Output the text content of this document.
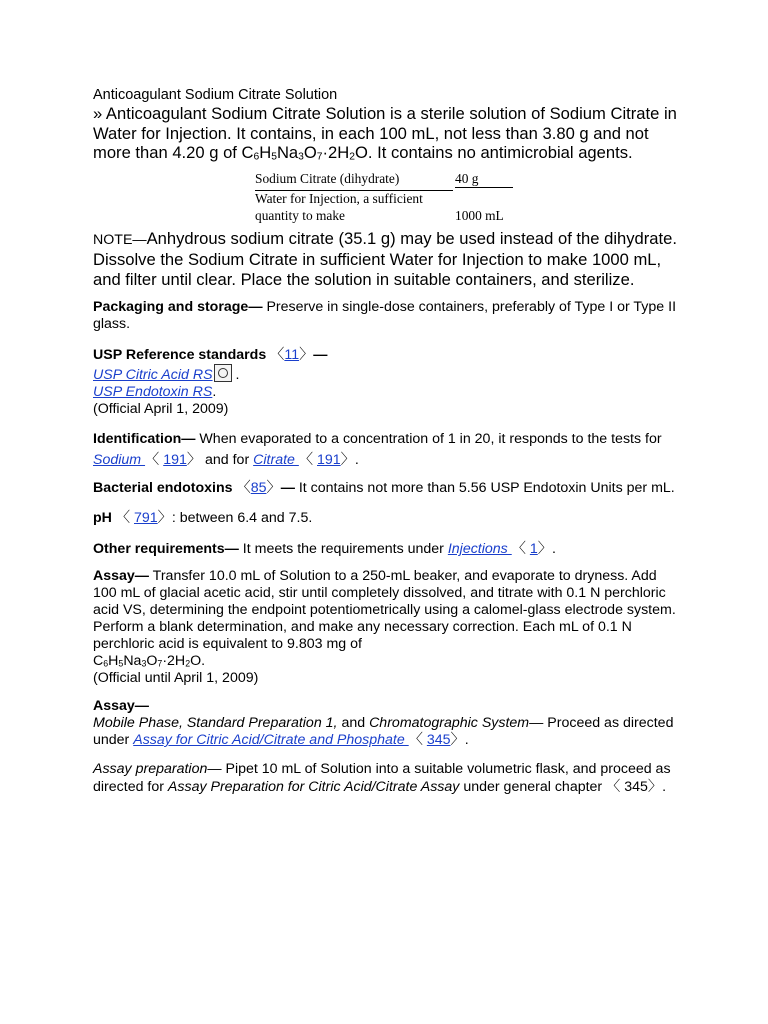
Anticoagulant Sodium Citrate Solution

» Anticoagulant Sodium Citrate Solution is a sterile solution of Sodium Citrate in Water for Injection. It contains, in each 100 mL, not less than 3.80 g and not more than 4.20 g of $C_6H_5Na_3O_7\cdot 2H_2O$. It contains no antimicrobial agents.

Sodium Citrate (dihydrate)	40 g
Water for Injection, a sufficient
quantity to make	1000 mL

NOTE—Anhydrous sodium citrate (35.1 g) may be used instead of the dihydrate.

Dissolve the Sodium Citrate in sufficient Water for Injection to make 1000 mL, and filter until clear. Place the solution in suitable containers, and sterilize.

Packaging and storage— Preserve in single-dose containers, preferably of Type I or Type II glass.

USP Reference standards 〈11〉—
USP Citric Acid RS .
USP Endotoxin RS.
(Official April 1, 2009)

Identification— When evaporated to a concentration of 1 in 20, it responds to the tests for Sodium 〈 191〉 and for Citrate 〈 191〉.

Bacterial endotoxins 〈85〉— It contains not more than 5.56 USP Endotoxin Units per mL.

pH 〈 791〉: between 6.4 and 7.5.

Other requirements— It meets the requirements under Injections 〈 1〉.

Assay— Transfer 10.0 mL of Solution to a 250-mL beaker, and evaporate to dryness. Add 100 mL of glacial acetic acid, stir until completely dissolved, and titrate with 0.1 N perchloric acid VS, determining the endpoint potentiometrically using a calomel-glass electrode system. Perform a blank determination, and make any necessary correction. Each mL of 0.1 N perchloric acid is equivalent to 9.803 mg of
$C_6H_5Na_3O_7\cdot 2H_2O$.
(Official until April 1, 2009)

Assay—
Mobile Phase, Standard Preparation 1, and Chromatographic System— Proceed as directed under Assay for Citric Acid/Citrate and Phosphate 〈 345〉.

Assay preparation— Pipet 10 mL of Solution into a suitable volumetric flask, and proceed as directed for Assay Preparation for Citric Acid/Citrate Assay under general chapter 〈 345〉.
